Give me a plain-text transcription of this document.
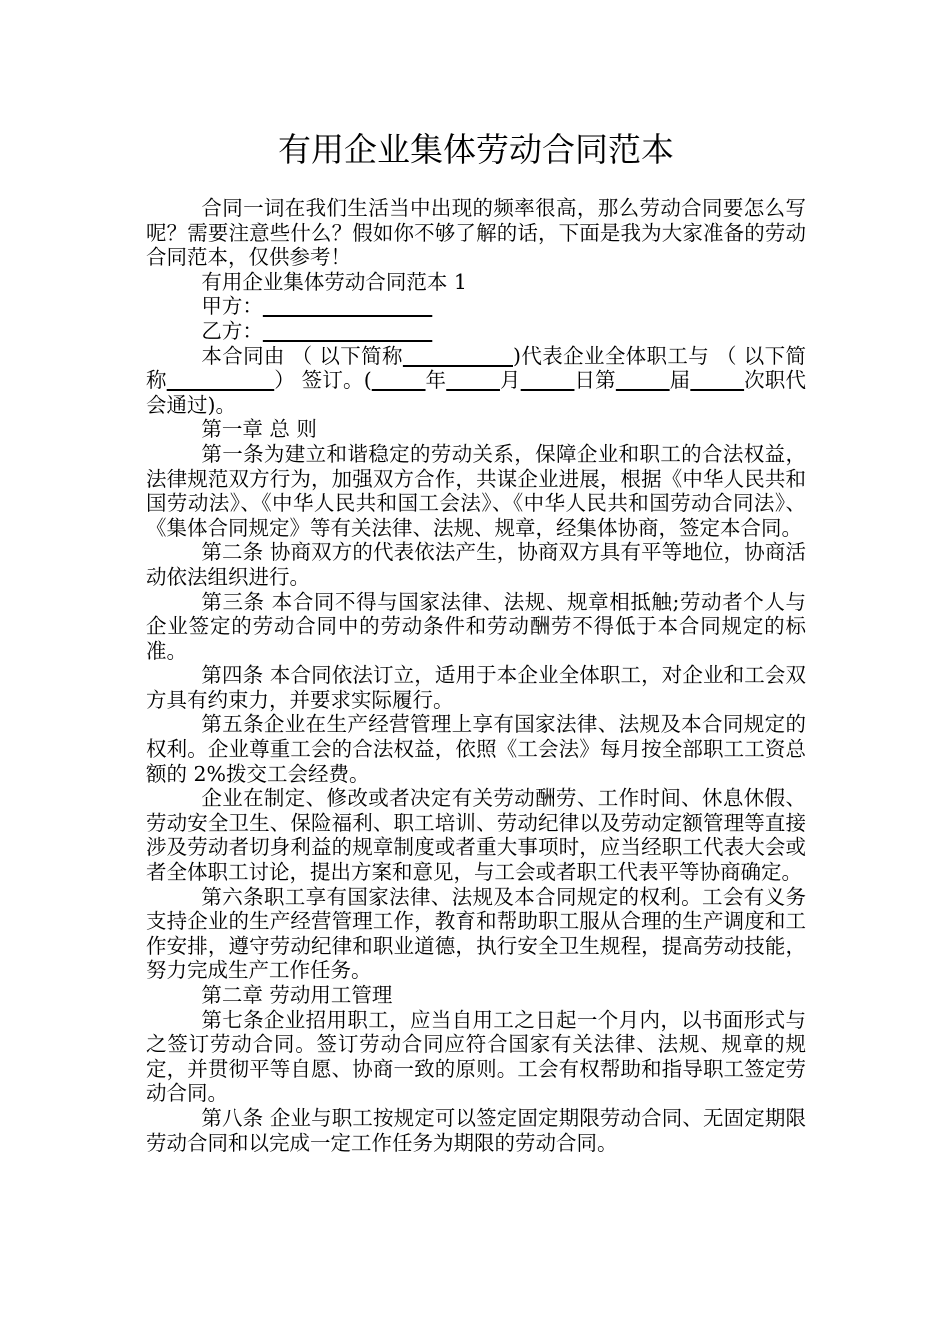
有用企业集体劳动合同范本

合同一词在我们生活当中出现的频率很高，那么劳动合同要怎么写呢？需要注意些什么？假如你不够了解的话，下面是我为大家准备的劳动合同范本，仅供参考！

有用企业集体劳动合同范本 1

甲方：

乙方：

本合同由 （ 以下简称	)代表企业全体职工与 （ 以下简称	） 签订。(	年	月	日第	届	次职代会通过)。

第一章 总 则

第一条为建立和谐稳定的劳动关系，保障企业和职工的合法权益，法律规范双方行为，加强双方合作，共谋企业进展，根据《中华人民共和国劳动法》、《中华人民共和国工会法》、《中华人民共和国劳动合同法》、《集体合同规定》等有关法律、法规、规章，经集体协商，签定本合同。

第二条 协商双方的代表依法产生，协商双方具有平等地位，协商活动依法组织进行。

第三条 本合同不得与国家法律、法规、规章相抵触;劳动者个人与企业签定的劳动合同中的劳动条件和劳动酬劳不得低于本合同规定的标准。

第四条 本合同依法订立，适用于本企业全体职工，对企业和工会双方具有约束力，并要求实际履行。

第五条企业在生产经营管理上享有国家法律、法规及本合同规定的权利。企业尊重工会的合法权益，依照《工会法》每月按全部职工工资总额的 2%拨交工会经费。

企业在制定、修改或者决定有关劳动酬劳、工作时间、休息休假、劳动安全卫生、保险福利、职工培训、劳动纪律以及劳动定额管理等直接涉及劳动者切身利益的规章制度或者重大事项时，应当经职工代表大会或者全体职工讨论，提出方案和意见，与工会或者职工代表平等协商确定。

第六条职工享有国家法律、法规及本合同规定的权利。工会有义务支持企业的生产经营管理工作，教育和帮助职工服从合理的生产调度和工作安排，遵守劳动纪律和职业道德，执行安全卫生规程，提高劳动技能，努力完成生产工作任务。

第二章 劳动用工管理

第七条企业招用职工，应当自用工之日起一个月内，以书面形式与之签订劳动合同。签订劳动合同应符合国家有关法律、法规、规章的规定，并贯彻平等自愿、协商一致的原则。工会有权帮助和指导职工签定劳动合同。

第八条 企业与职工按规定可以签定固定期限劳动合同、无固定期限劳动合同和以完成一定工作任务为期限的劳动合同。
